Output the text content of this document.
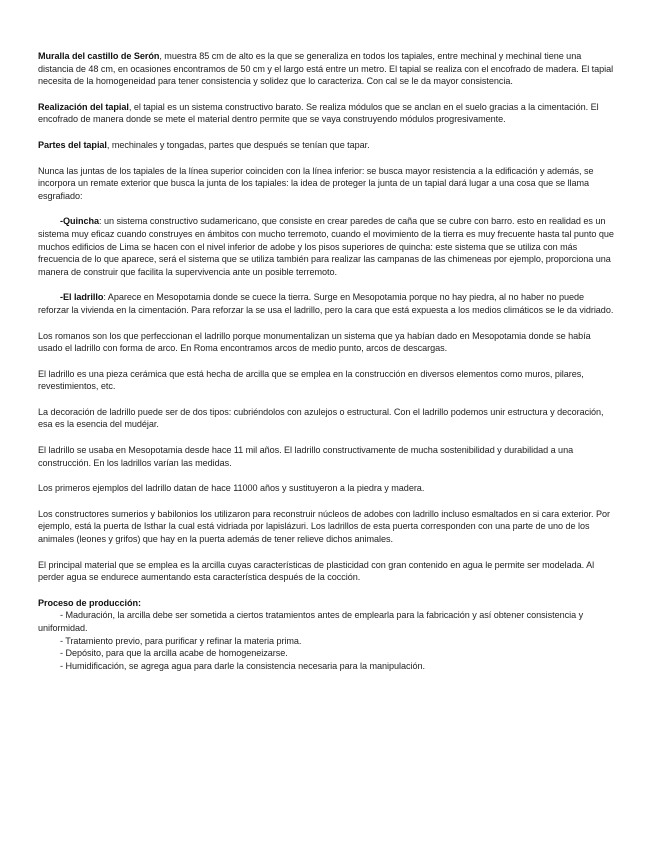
Muralla del castillo de Serón, muestra 85 cm de alto es la que se generaliza en todos los tapiales, entre mechinal y mechinal tiene una distancia de 48 cm, en ocasiones encontramos de 50 cm y el largo está entre un metro. El tapial se realiza con el encofrado de madera. El tapial necesita de la homogeneidad para tener consistencia y solidez que lo caracteriza. Con cal se le da mayor consistencia.

Realización del tapial, el tapial es un sistema constructivo barato. Se realiza módulos que se anclan en el suelo gracias a la cimentación. El encofrado de manera donde se mete el material dentro permite que se vaya construyendo módulos progresivamente.

Partes del tapial, mechinales y tongadas, partes que después se tenían que tapar.

Nunca las juntas de los tapiales de la línea superior coinciden con la línea inferior: se busca mayor resistencia a la edificación y además, se incorpora un remate exterior que busca la junta de los tapiales: la idea de proteger la junta de un tapial dará lugar a una cosa que se llama esgrafiado:

-Quincha: un sistema constructivo sudamericano, que consiste en crear paredes de caña que se cubre con barro. esto en realidad es un sistema muy eficaz cuando construyes en ámbitos con mucho terremoto, cuando el movimiento de la tierra es muy frecuente hasta tal punto que muchos edificios de Lima se hacen con el nivel inferior de adobe y los pisos superiores de quincha: este sistema que se utiliza con más frecuencia de lo que aparece, será el sistema que se utiliza también para realizar las campanas de las chimeneas por ejemplo, proporciona una manera de construir que facilita la supervivencia ante un posible terremoto.

-El ladrillo: Aparece en Mesopotamia donde se cuece la tierra. Surge en Mesopotamia porque no hay piedra, al no haber no puede reforzar la vivienda en la cimentación. Para reforzar la se usa el ladrillo, pero la cara que está expuesta a los medios climáticos se le da vidriado.

Los romanos son los que perfeccionan el ladrillo porque monumentalizan un sistema que ya habían dado en Mesopotamia donde se había usado el ladrillo con forma de arco. En Roma encontramos arcos de medio punto, arcos de descargas.

El ladrillo es una pieza cerámica que está hecha de arcilla que se emplea en la construcción en diversos elementos como muros, pilares, revestimientos, etc.

La decoración de ladrillo puede ser de dos tipos: cubriéndolos con azulejos o estructural. Con el ladrillo podemos unir estructura y decoración, esa es la esencia del mudéjar.

El ladrillo se usaba en Mesopotamia desde hace 11 mil años. El ladrillo constructivamente de mucha sostenibilidad y durabilidad a una construcción. En los ladrillos varían las medidas.

Los primeros ejemplos del ladrillo datan de hace 11000 años y sustituyeron a la piedra y madera.

Los constructores sumerios y babilonios los utilizaron para reconstruir núcleos de adobes con ladrillo incluso esmaltados en si cara exterior. Por ejemplo, está la puerta de Isthar la cual está vidriada por lapislázuri. Los ladrillos de esta puerta corresponden con una parte de uno de los animales (leones y grifos) que hay en la puerta además de tener relieve dichos animales.

El principal material que se emplea es la arcilla cuyas características de plasticidad con gran contenido en agua le permite ser modelada. Al perder agua se endurece aumentando esta característica después de la cocción.

Proceso de producción:
- Maduración, la arcilla debe ser sometida a ciertos tratamientos antes de emplearla para la fabricación y así obtener consistencia y uniformidad.
- Tratamiento previo, para purificar y refinar la materia prima.
- Depósito, para que la arcilla acabe de homogeneizarse.
- Humidificación, se agrega agua para darle la consistencia necesaria para la manipulación.
